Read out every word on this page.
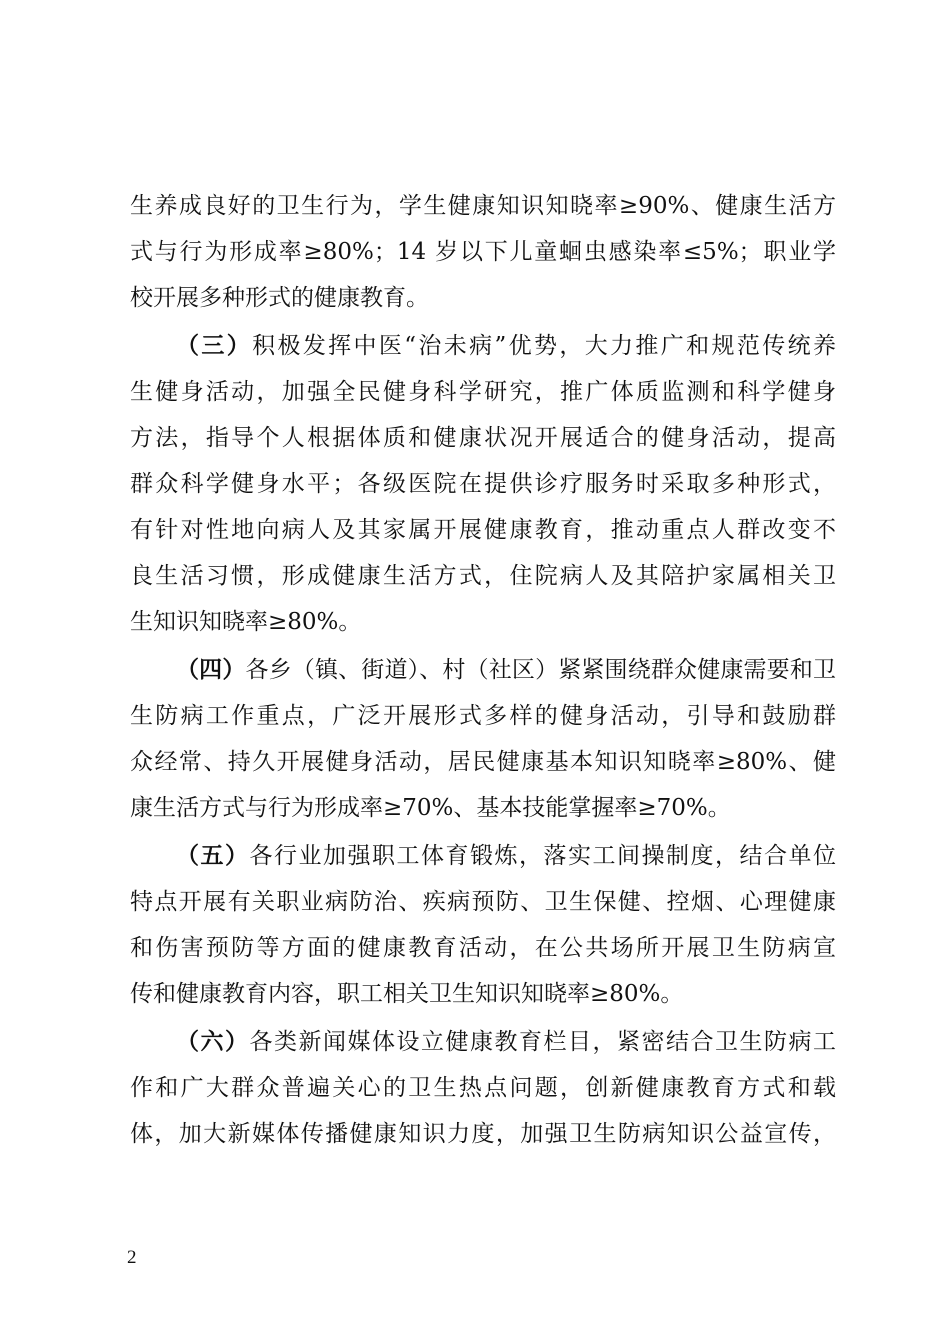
生养成良好的卫生行为，学生健康知识知晓率≥90%、健康生活方
式与行为形成率≥80%；14 岁以下儿童蛔虫感染率≤5%；职业学
校开展多种形式的健康教育。
（三）积极发挥中医“治未病”优势，大力推广和规范传统养
生健身活动，加强全民健身科学研究，推广体质监测和科学健身
方法，指导个人根据体质和健康状况开展适合的健身活动，提高
群众科学健身水平；各级医院在提供诊疗服务时采取多种形式，
有针对性地向病人及其家属开展健康教育，推动重点人群改变不
良生活习惯，形成健康生活方式，住院病人及其陪护家属相关卫
生知识知晓率≥80%。
（四）各乡（镇、街道）、村（社区）紧紧围绕群众健康需要和卫
生防病工作重点，广泛开展形式多样的健身活动，引导和鼓励群
众经常、持久开展健身活动，居民健康基本知识知晓率≥80%、健
康生活方式与行为形成率≥70%、基本技能掌握率≥70%。
（五）各行业加强职工体育锻炼，落实工间操制度，结合单位
特点开展有关职业病防治、疾病预防、卫生保健、控烟、心理健康
和伤害预防等方面的健康教育活动，在公共场所开展卫生防病宣
传和健康教育内容，职工相关卫生知识知晓率≥80%。
（六）各类新闻媒体设立健康教育栏目，紧密结合卫生防病工
作和广大群众普遍关心的卫生热点问题，创新健康教育方式和载
体，加大新媒体传播健康知识力度，加强卫生防病知识公益宣传，
2
